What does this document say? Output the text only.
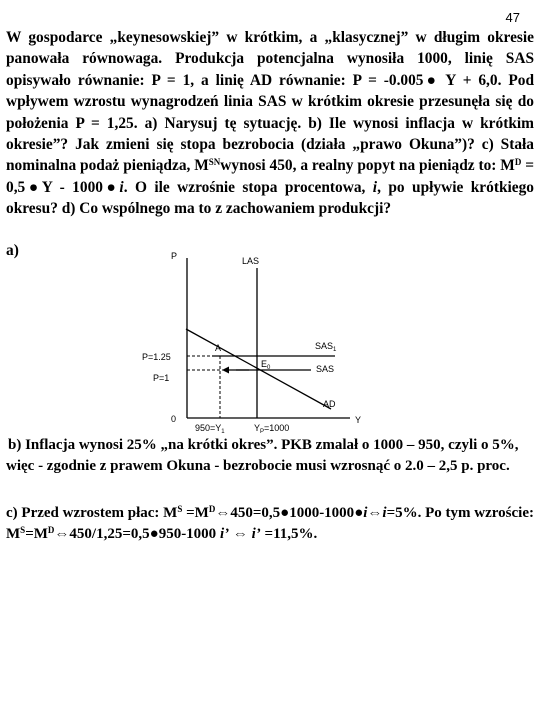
47
W gospodarce „keynesowskiej” w krótkim, a „klasycznej” w długim okresie panowała równowaga. Produkcja potencjalna wynosiła 1000, linię SAS opisywało równanie: P = 1, a linię AD równanie: P = -0.005● Y + 6,0. Pod wpływem wzrostu wynagrodzeń linia SAS w krótkim okresie przesunęła się do położenia P = 1,25. a) Narysuj tę sytuację. b) Ile wynosi inflacja w krótkim okresie”? Jak zmieni się stopa bezrobocia (działa „prawo Okuna”)? c) Stała nominalna podaż pieniądza, $M^{SN}wynosi$ 450, a realny popyt na pieniądz to: $M^D$ = 0,5●Y - 1000●i. O ile wzrośnie stopa procentowa, i, po upływie krótkiego okresu? d) Co wspólnego ma to z zachowaniem produkcji?
a)	P	LAS
A	$SAS_1$
P=1.25
$E_0$	SAS
P=1
AD
0	Y
$950=Y_1$	$Y_P=1000$
b) Inflacja wynosi 25% „na krótki okres”. PKB zmalał o 1000 – 950, czyli o 5%, więc - zgodnie z prawem Okuna - bezrobocie musi wzrosnąć o 2.0 – 2,5 p. proc.
c) Przed wzrostem płac: $M^S$ $=M^D\Leftrightarrow 450=0,5●1000-1000●i\Leftrightarrow i=5\%$. Po tym wzroście: $M^S=M^D\Leftrightarrow 450/1,25=0,5●950-1000$ i’ ⇔ i’ =11,5%.
